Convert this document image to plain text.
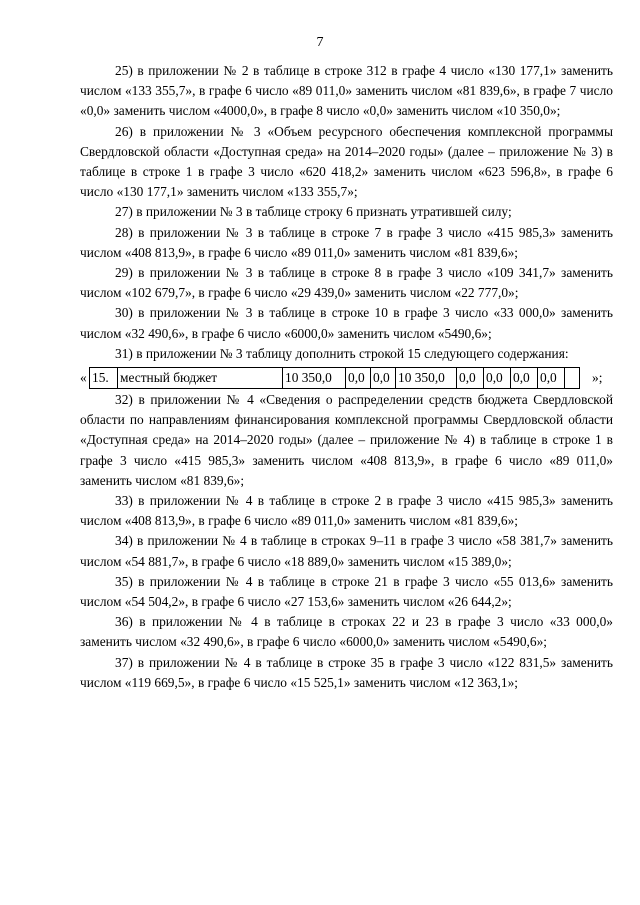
7

25) в приложении № 2 в таблице в строке 312 в графе 4 число «130 177,1» заменить числом «133 355,7», в графе 6 число «89 011,0» заменить числом «81 839,6», в графе 7 число «0,0» заменить числом «4000,0», в графе 8 число «0,0» заменить числом «10 350,0»;

26) в приложении № 3 «Объем ресурсного обеспечения комплексной программы Свердловской области «Доступная среда» на 2014–2020 годы» (далее – приложение № 3) в таблице в строке 1 в графе 3 число «620 418,2» заменить числом «623 596,8», в графе 6 число «130 177,1» заменить числом «133 355,7»;

27) в приложении № 3 в таблице строку 6 признать утратившей силу;

28) в приложении № 3 в таблице в строке 7 в графе 3 число «415 985,3» заменить числом «408 813,9», в графе 6 число «89 011,0» заменить числом «81 839,6»;

29) в приложении № 3 в таблице в строке 8 в графе 3 число «109 341,7» заменить числом «102 679,7», в графе 6 число «29 439,0» заменить числом «22 777,0»;

30) в приложении № 3 в таблице в строке 10 в графе 3 число «33 000,0» заменить числом «32 490,6», в графе 6 число «6000,0» заменить числом «5490,6»;

31) в приложении № 3 таблицу дополнить строкой 15 следующего содержания:

« 15.	местный бюджет	10 350,0	0,0	0,0	10 350,0	0,0	0,0	0,0	0,0		»;

32) в приложении № 4 «Сведения о распределении средств бюджета Свердловской области по направлениям финансирования комплексной программы Свердловской области «Доступная среда» на 2014–2020 годы» (далее – приложение № 4) в таблице в строке 1 в графе 3 число «415 985,3» заменить числом «408 813,9», в графе 6 число «89 011,0» заменить числом «81 839,6»;

33) в приложении № 4 в таблице в строке 2 в графе 3 число «415 985,3» заменить числом «408 813,9», в графе 6 число «89 011,0» заменить числом «81 839,6»;

34) в приложении № 4 в таблице в строках 9–11 в графе 3 число «58 381,7» заменить числом «54 881,7», в графе 6 число «18 889,0» заменить числом «15 389,0»;

35) в приложении № 4 в таблице в строке 21 в графе 3 число «55 013,6» заменить числом «54 504,2», в графе 6 число «27 153,6» заменить числом «26 644,2»;

36) в приложении № 4 в таблице в строках 22 и 23 в графе 3 число «33 000,0» заменить числом «32 490,6», в графе 6 число «6000,0» заменить числом «5490,6»;

37) в приложении № 4 в таблице в строке 35 в графе 3 число «122 831,5» заменить числом «119 669,5», в графе 6 число «15 525,1» заменить числом «12 363,1»;
